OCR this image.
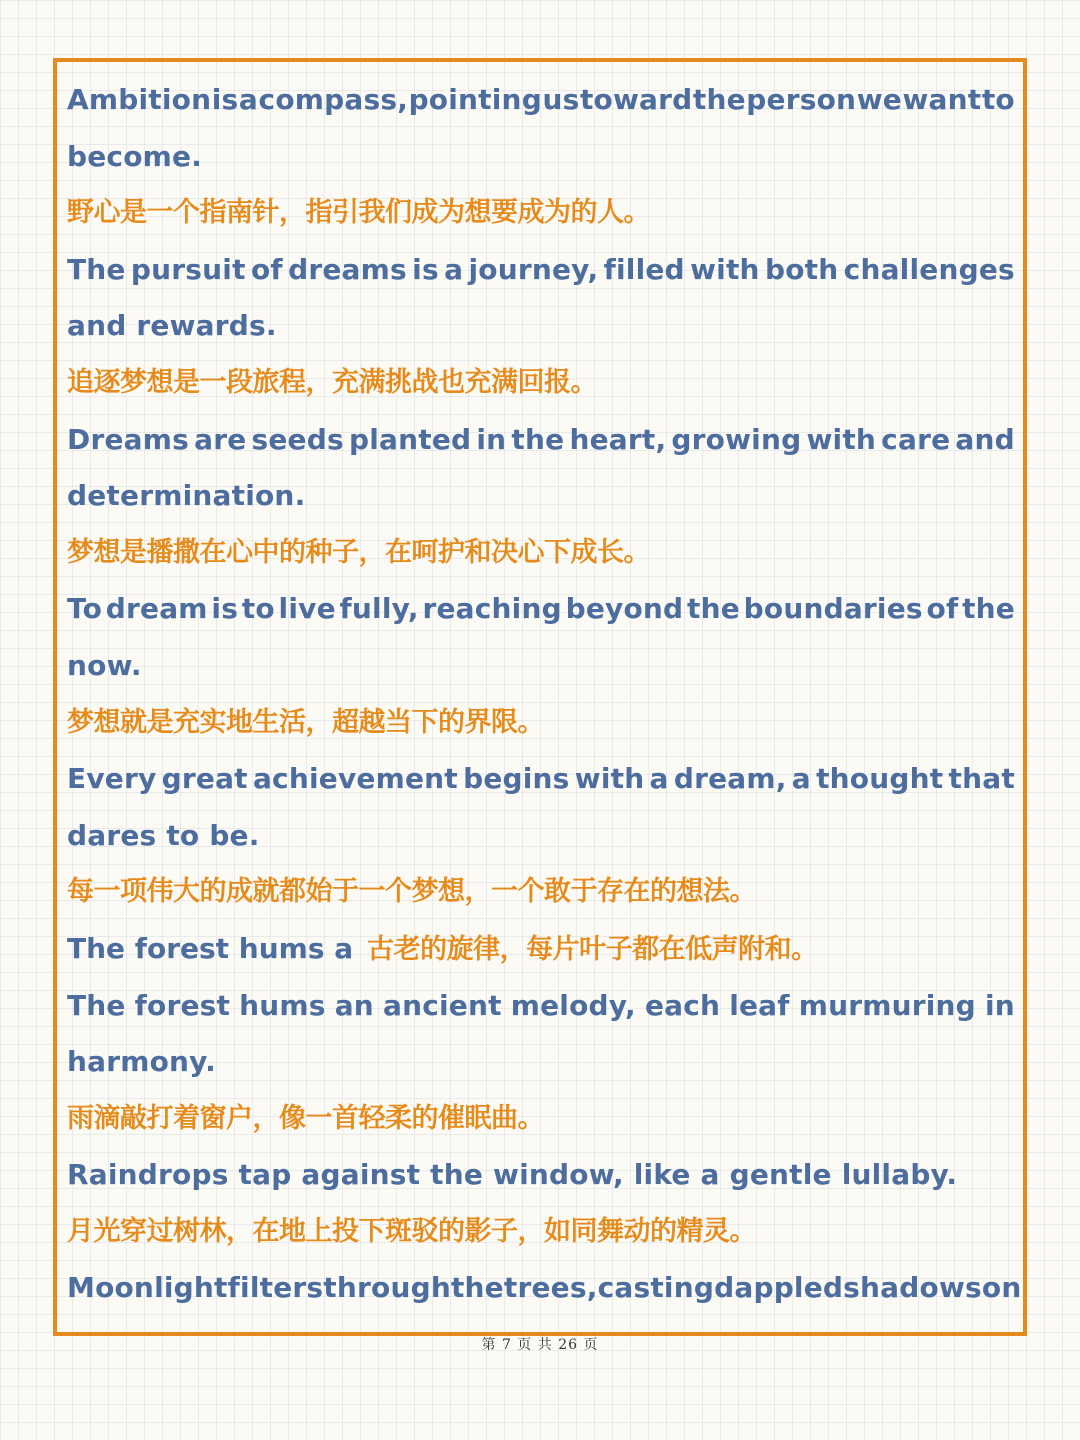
Ambition is a compass, pointing us toward the person we want to
become.
野心是一个指南针，指引我们成为想要成为的人。
The pursuit of dreams is a journey, filled with both challenges
and rewards.
追逐梦想是一段旅程，充满挑战也充满回报。
Dreams are seeds planted in the heart, growing with care and
determination.
梦想是播撒在心中的种子，在呵护和决心下成长。
To dream is to live fully, reaching beyond the boundaries of the
now.
梦想就是充实地生活，超越当下的界限。
Every great achievement begins with a dream, a thought that
dares to be.
每一项伟大的成就都始于一个梦想，一个敢于存在的想法。
The forest hums a 古老的旋律，每片叶子都在低声附和。
The forest hums an ancient melody, each leaf murmuring in
harmony.
雨滴敲打着窗户，像一首轻柔的催眠曲。
Raindrops tap against the window, like a gentle lullaby.
月光穿过树林，在地上投下斑驳的影子，如同舞动的精灵。
Moonlight filters through the trees, casting dappled shadows on
第 7 页 共 26 页
